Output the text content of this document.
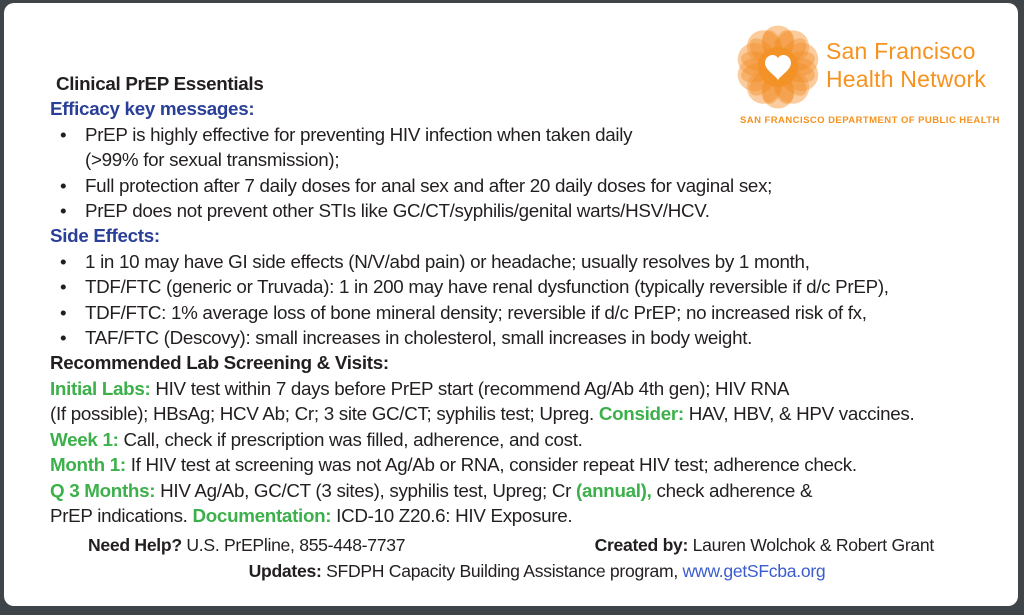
San Francisco
Health Network
SAN FRANCISCO DEPARTMENT OF PUBLIC HEALTH
Clinical PrEP Essentials
Efficacy key messages:
• PrEP is highly effective for preventing HIV infection when taken daily
(>99% for sexual transmission);
• Full protection after 7 daily doses for anal sex and after 20 daily doses for vaginal sex;
• PrEP does not prevent other STIs like GC/CT/syphilis/genital warts/HSV/HCV.
Side Effects:
• 1 in 10 may have GI side effects (N/V/abd pain) or headache; usually resolves by 1 month,
• TDF/FTC (generic or Truvada): 1 in 200 may have renal dysfunction (typically reversible if d/c PrEP),
• TDF/FTC: 1% average loss of bone mineral density; reversible if d/c PrEP; no increased risk of fx,
• TAF/FTC (Descovy): small increases in cholesterol, small increases in body weight.
Recommended Lab Screening & Visits:
Initial Labs: HIV test within 7 days before PrEP start (recommend Ag/Ab 4th gen); HIV RNA
(If possible); HBsAg; HCV Ab; Cr; 3 site GC/CT; syphilis test; Upreg. Consider: HAV, HBV, & HPV vaccines.
Week 1: Call, check if prescription was filled, adherence, and cost.
Month 1: If HIV test at screening was not Ag/Ab or RNA, consider repeat HIV test; adherence check.
Q 3 Months: HIV Ag/Ab, GC/CT (3 sites), syphilis test, Upreg; Cr (annual), check adherence &
PrEP indications. Documentation: ICD-10 Z20.6: HIV Exposure.
Need Help? U.S. PrEPline, 855-448-7737	Created by: Lauren Wolchok & Robert Grant
Updates: SFDPH Capacity Building Assistance program, www.getSFcba.org
